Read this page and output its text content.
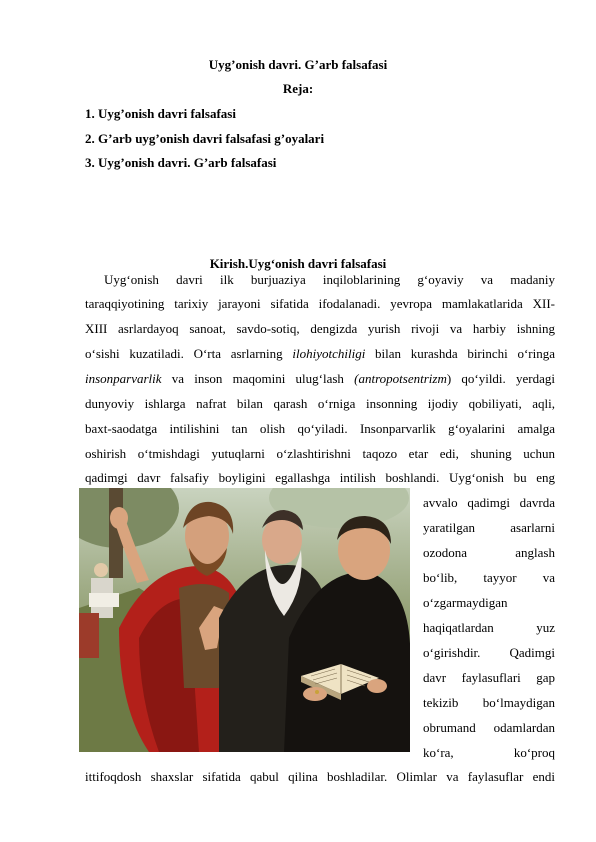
Uyg’onish davri. G’arb falsafasi
Reja:
1. Uyg’onish davri falsafasi
2. G’arb uyg’onish davri falsafasi g’oyalari
3. Uyg’onish davri. G’arb falsafasi
Kirish.Uyg‘onish davri falsafasi
Uyg‘onish davri ilk burjuaziya inqiloblarining g‘oyaviy va madaniy
taraqqiyotining tarixiy jarayoni sifatida ifodalanadi. yevropa mamlakatlarida XII-
XIII asrlardayoq sanoat, savdo-sotiq, dengizda yurish rivoji va harbiy ishning
o‘sishi kuzatiladi. O‘rta asrlarning ilohiyotchiligi bilan kurashda birinchi o‘ringa
insonparvarlik va inson maqomini ulug‘lash (antropotsentrizm) qo‘yildi. yerdagi
dunyoviy ishlarga nafrat bilan qarash o‘rniga insonning ijodiy qobiliyati, aqli,
baxt-saodatga intilishini tan olish qo‘yiladi. Insonparvarlik g‘oyalarini amalga
oshirish o‘tmishdagi yutuqlarni o‘zlashtirishni taqozo etar edi, shuning uchun
qadimgi davr falsafiy boyligini egallashga intilish boshlandi. Uyg‘onish bu eng
avvalo qadimgi davrda
yaratilgan asarlarni
ozodona anglash
bo‘lib, tayyor va
o‘zgarmaydigan
haqiqatlardan yuz
o‘girishdir. Qadimgi
davr faylasuflari gap
tekizib bo‘lmaydigan
obrumand odamlardan
ko‘ra, ko‘proq
ittifoqdosh shaxslar sifatida qabul qilina boshladilar. Olimlar va faylasuflar endi
